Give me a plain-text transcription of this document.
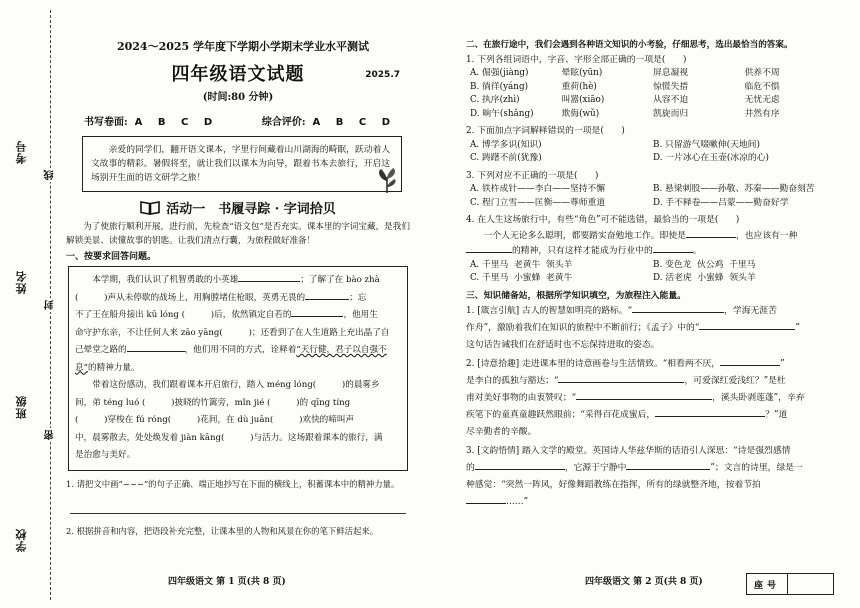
考号
姓名
班级
学校
线
封
密
2024～2025 学年度下学期小学期末学业水平测试
四年级语文试题	2025.7
(时间:80 分钟)
书写卷面: A B C D	综合评价: A B C D
亲爱的同学们，翻开语文课本，字里行间藏着山川湖海的畸眠，跃动着人文故事的精彩。暑假将至，就让我们以课本为向导，跟着书本去旅行，开启这场别开生面的语文研学之旅！
活动一　书履寻踪 · 字词拾贝

为了使旅行顺利开展，进行前，先检查“语文包”是否充实。课本里的字词宝藏，是我们解锁美景、读懂故事的钥匙。让我们清点行囊，为旅程做好准备！

一、按要求回答问题。
本学期，我们认识了机智勇敢的小英雄	；了解了在 bào zhà
(　　　)声从未停歇的战场上，用胸膛堵住枪眼，英勇无畏的	；忘
不了王在船舟接出 kū lóng (　　　)后，依然镇定自若的	，他用生
命守护东亲，不让任何人来 zāo yāng(　　　)；还看到了在人生道路上充出晶了自
己晕堂之路的	，他们用不同的方式，诠释着“天行健，君子以自强不息”的精神力量。
带着这份感动，我们跟着课本开启旅行，踏入 méng lóng(　　　)的晨雾乡
间，弟 téng luó (　　　)披晓的竹篱旁，mǐn jié (　　　)的 qīng tíng
(　　　)穿梭在 fú róng(　　　)花间，在 dù juān(　　　)欢快的啼叫声
中，晨雾散去，处处焕发着 jiàn kāng(　　　)与活力。这场跟着课本的旅行，满
是治愈与美好。

1. 请把文中画“~~~”的句子正确、端正地抄写在下面的横线上，积蓄课本中的精神力量。

2. 根据拼音和内容，把语段补充完整，让课本里的人物和风景在你的笔下鲜活起来。

四年级语文 第 1 页(共 8 页)

二、在旅行途中，我们会遇到各种语文知识的小考验，仔细思考，选出最恰当的答案。

1. 下列各组词语中，字音、字形全部正确的一项是(　　)

A. 倔强(jiàng)	晕眩(yūn)	屏息凝视	供养不周
B. 徜徉(yáng)	重荷(hè)	惊慌失措	临危不惧
C. 执序(zhì)	叫嚣(xiāo)	从容不迫	无忧无虑
D. 晌午(shǎng)	欺侮(wǔ)	凯旋而归	井然有序

2. 下面加点字词解释错误的一项是(　　)

A. 博学多识(知识)	B. 只留游气啜嗽伸(天地间)
C. 踌躇不前(犹豫)	D. 一片冰心在玉壶(冰凉的心)

3. 下列对应不正确的一项是(　　)

A. 铁杵成针——李白——坚持不懈	B. 悬梁刺股——孙敬、苏秦——勤奋刻苦
C. 程门立雪——匡衡——尊师重道	D. 手不释卷——吕蒙——勤奋好学

4. 在人生这场旅行中，有些“角色”可不能选错，最恰当的一项是(　　)

一个人无论多么聪明，都要踏实奋勉地工作。即使是	，也应该有一种

的精神，只有这样才能成为行业中的	。

A. 千里马 老黄牛 领头羊	B. 变色龙 伙公鸡 千里马
C. 千里马 小蜜蜂 老黄牛	D. 活老虎 小蜜蜂 领头羊

三、知识储备站，根据所学知识填空，为旅程注入能量。

1. [箴言引航] 古人的智慧如明亮的路标。“	，学海无涯苦
作舟”，激励着我们在知识的旅程中不断前行；《孟子》中的“	”
这句话告诫我们在舒适时也不忘保持进取的姿态。

2. [诗意拾趣] 走进课本里的诗意画卷与生活情致。“相看两不厌，	”
是李白的孤独与豁达；“	，可爱深红爱浅红？”是杜
甫对美好事物的由衷赞叹；“	，溪头卧剥莲蓬”，辛弃
疾笔下的童真童趣跃然眼前；“采得百花成蜜后，	？”道
尽辛勤者的辛酸。

3. [文韵悟情] 踏入文学的殿堂。英国诗人华兹华斯的话语引人深思：“诗是强烈感情
的	，它源于宁静中	”；文言的诗里，绿是一
种感觉：“突然一阵风，好像舞蹈教练在指挥，所有的绿就整齐地，按着节拍
……”

四年级语文 第 2 页(共 8 页)	座号
